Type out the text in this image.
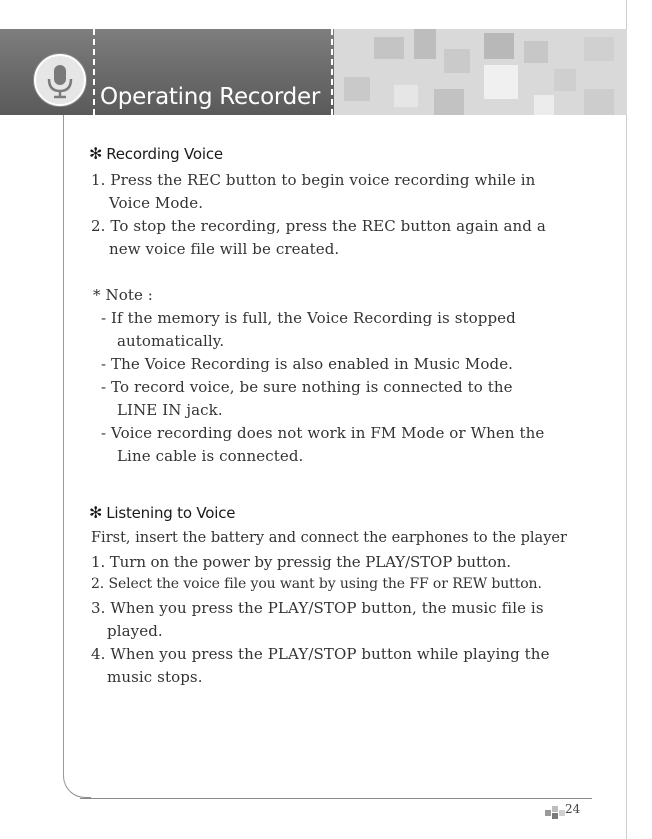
Operating Recorder
✻ Recording Voice
1. Press the REC button to begin voice recording while in
Voice Mode.
2. To stop the recording, press the REC button again and a
new voice file will be created.
* Note :
- If the memory is full, the Voice Recording is stopped
automatically.
- The Voice Recording is also enabled in Music Mode.
- To record voice, be sure nothing is connected to the
LINE IN jack.
- Voice recording does not work in FM Mode or When the
Line cable is connected.
✻ Listening to Voice
First, insert the battery and connect the earphones to the player
1. Turn on the power by pressig the PLAY/STOP button.
2. Select the voice file you want by using the FF or REW button.
3. When you press the PLAY/STOP button, the music file is
played.
4. When you press the PLAY/STOP button while playing the
music stops.
24
